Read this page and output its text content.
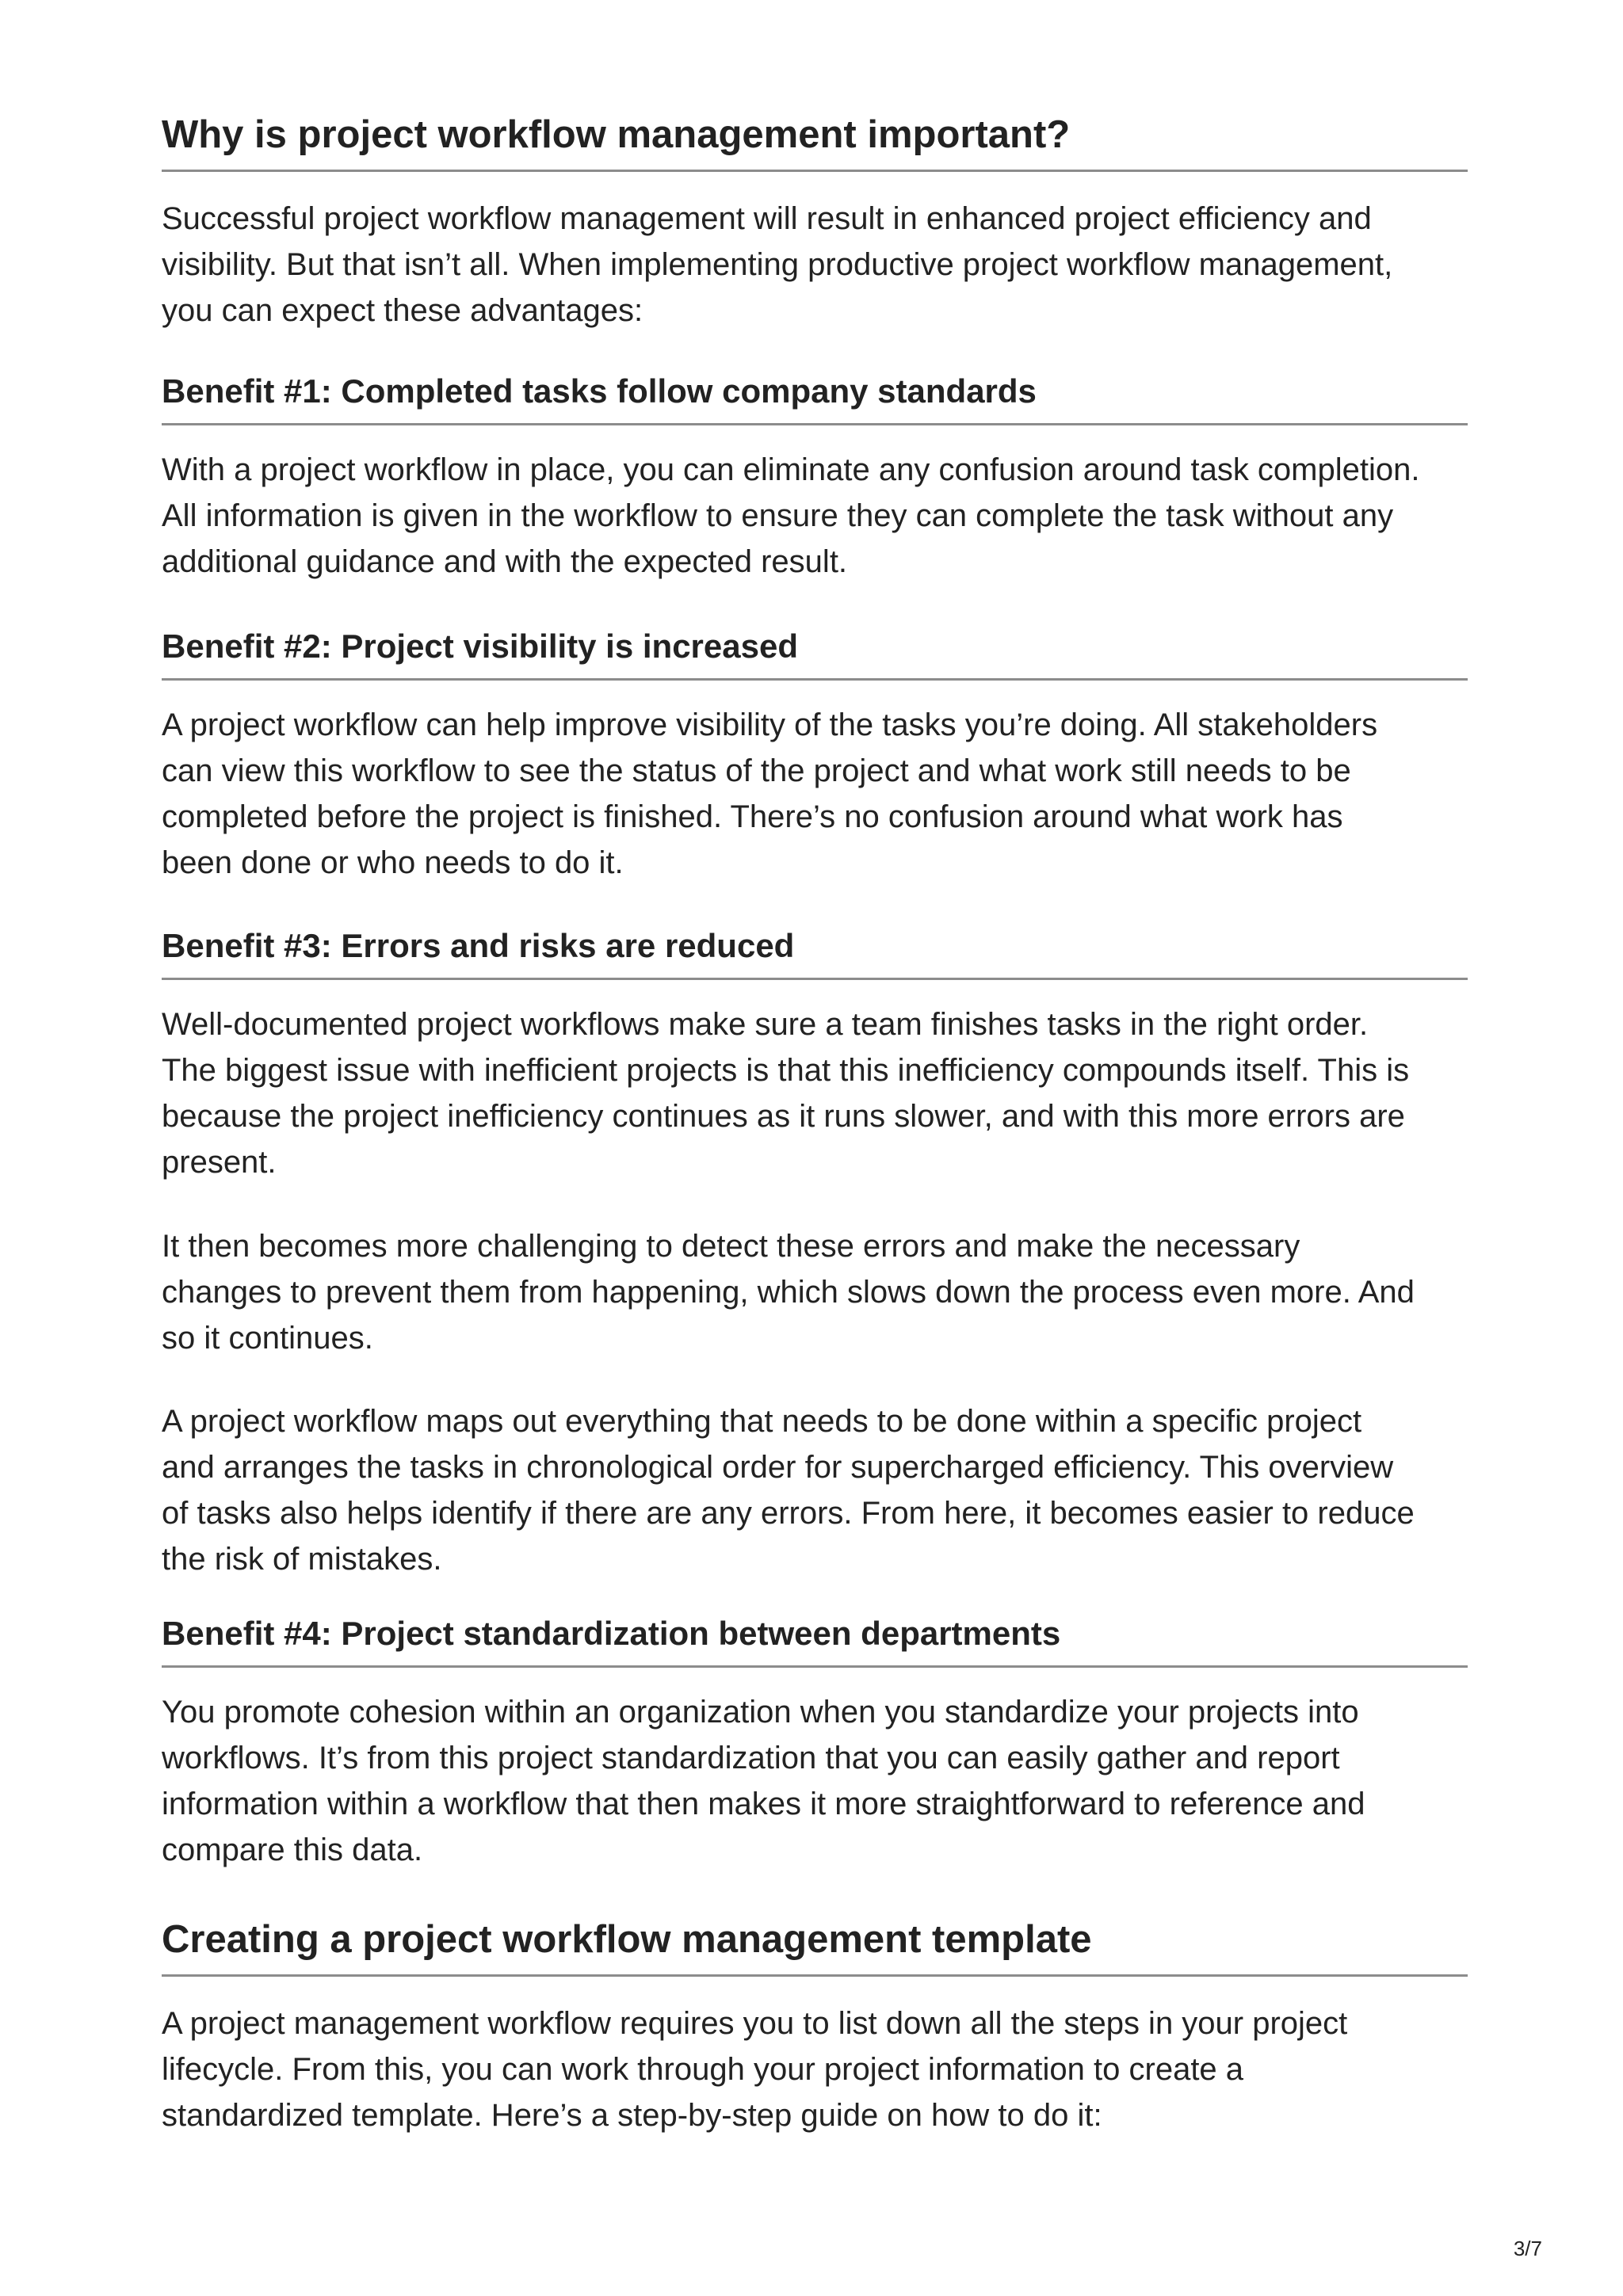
Why is project workflow management important?

Successful project workflow management will result in enhanced project efficiency and
visibility. But that isn’t all. When implementing productive project workflow management,
you can expect these advantages:

Benefit #1: Completed tasks follow company standards

With a project workflow in place, you can eliminate any confusion around task completion.
All information is given in the workflow to ensure they can complete the task without any
additional guidance and with the expected result.

Benefit #2: Project visibility is increased

A project workflow can help improve visibility of the tasks you’re doing. All stakeholders
can view this workflow to see the status of the project and what work still needs to be
completed before the project is finished. There’s no confusion around what work has
been done or who needs to do it.

Benefit #3: Errors and risks are reduced

Well-documented project workflows make sure a team finishes tasks in the right order.
The biggest issue with inefficient projects is that this inefficiency compounds itself. This is
because the project inefficiency continues as it runs slower, and with this more errors are
present.

It then becomes more challenging to detect these errors and make the necessary
changes to prevent them from happening, which slows down the process even more. And
so it continues.

A project workflow maps out everything that needs to be done within a specific project
and arranges the tasks in chronological order for supercharged efficiency. This overview
of tasks also helps identify if there are any errors. From here, it becomes easier to reduce
the risk of mistakes.

Benefit #4: Project standardization between departments

You promote cohesion within an organization when you standardize your projects into
workflows. It’s from this project standardization that you can easily gather and report
information within a workflow that then makes it more straightforward to reference and
compare this data.

Creating a project workflow management template

A project management workflow requires you to list down all the steps in your project
lifecycle. From this, you can work through your project information to create a
standardized template. Here’s a step-by-step guide on how to do it:

3/7
